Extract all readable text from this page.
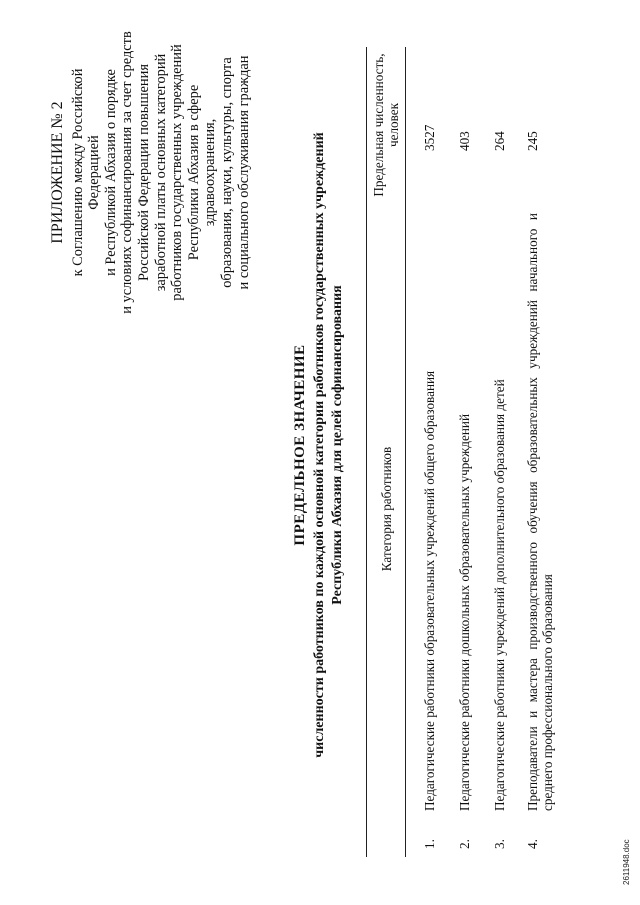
ПРИЛОЖЕНИЕ № 2 к Соглашению между Российской Федерацией и Республикой Абхазия о порядке и условиях софинансирования за счет средств Российской Федерации повышения заработной платы основных категорий работников государственных учреждений Республики Абхазия в сфере здравоохранения, образования, науки, культуры, спорта и социального обслуживания граждан
ПРЕДЕЛЬНОЕ ЗНАЧЕНИЕ численности работников по каждой основной категории работников государственных учреждений Республики Абхазия для целей софинансирования
		Категория работников	Предельная численность, человек
1.	Педагогические работники образовательных учреждений общего образования	3527
2.	Педагогические работники дошкольных образовательных учреждений	403
3.	Педагогические работники учреждений дополнительного образования детей	264
4.	Преподаватели и мастера производственного обучения образовательных учреждений начального и среднего профессионального образования	245
2611948.doc
